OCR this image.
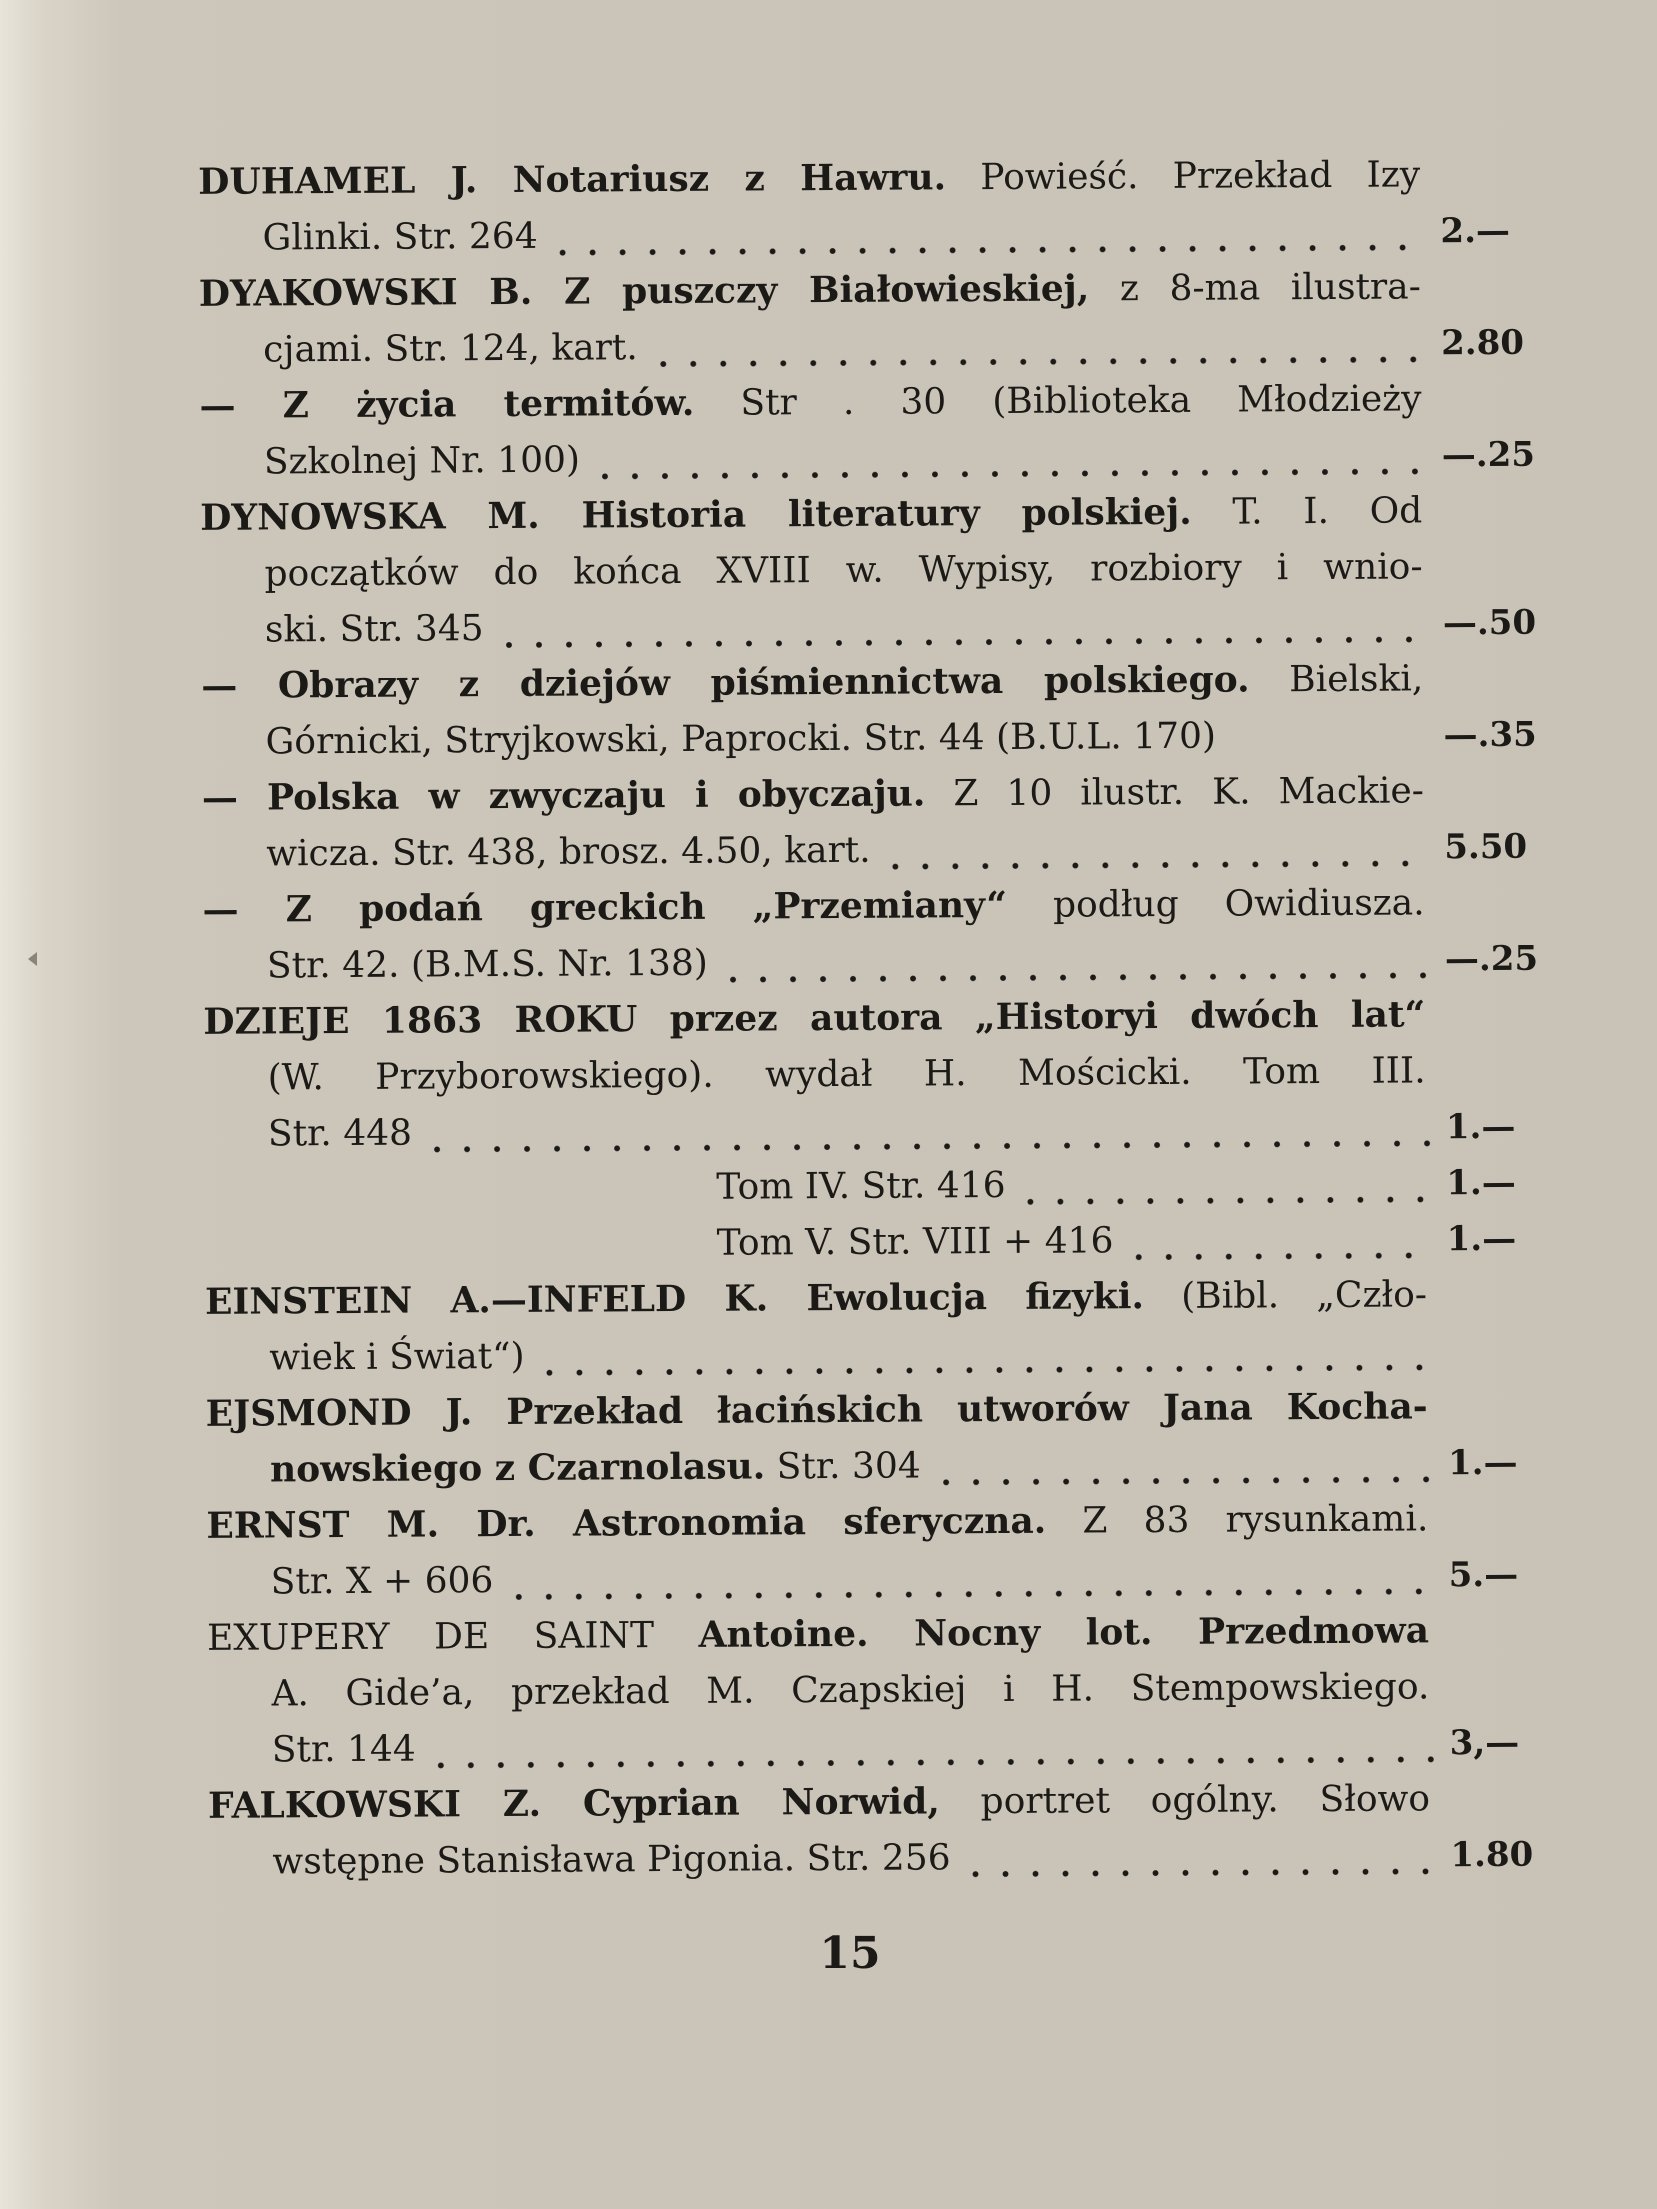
DUHAMEL J. Notariusz z Hawru. Powieść. Przekład Izy
Glinki. Str. 264	2.—
DYAKOWSKI B. Z puszczy Białowieskiej, z 8-ma ilustra-
cjami. Str. 124, kart.	2.80
— Z życia termitów. Str . 30 (Biblioteka Młodzieży
Szkolnej Nr. 100)	—.25
DYNOWSKA M. Historia literatury polskiej. T. I. Od
początków do końca XVIII w. Wypisy, rozbiory i wnio-
ski. Str. 345	—.50
— Obrazy z dziejów piśmiennictwa polskiego. Bielski,
Górnicki, Stryjkowski, Paprocki. Str. 44 (B.U.L. 170)	—.35
— Polska w zwyczaju i obyczaju. Z 10 ilustr. K. Mackie-
wicza. Str. 438, brosz. 4.50, kart.	5.50
— Z podań greckich „Przemiany“ podług Owidiusza.
Str. 42. (B.M.S. Nr. 138)	—.25
DZIEJE 1863 ROKU przez autora „Historyi dwóch lat“
(W. Przyborowskiego). wydał H. Mościcki. Tom III.
Str. 448	1.—
Tom IV. Str. 416	1.—
Tom V. Str. VIII + 416	1.—
EINSTEIN A.—INFELD K. Ewolucja fizyki. (Bibl. „Czło-
wiek i Świat“)
EJSMOND J. Przekład łacińskich utworów Jana Kocha-
nowskiego z Czarnolasu. Str. 304	1.—
ERNST M. Dr. Astronomia sferyczna. Z 83 rysunkami.
Str. X + 606	5.—
EXUPERY DE SAINT Antoine. Nocny lot. Przedmowa
A. Gide’a, przekład M. Czapskiej i H. Stempowskiego.
Str. 144	3,—
FALKOWSKI Z. Cyprian Norwid, portret ogólny. Słowo
wstępne Stanisława Pigonia. Str. 256	1.80
15
